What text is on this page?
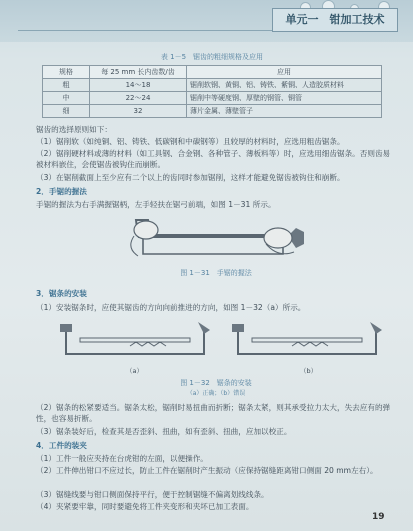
单元一　钳加工技术
表 1－5　锯齿的粗细规格及应用
规格	每 25 mm 长内齿数/齿	应用
粗	14～18	锯削软钢、黄铜、铝、铸铁、紫铜、人造胶质材料
中	22～24	锯削中等硬度钢、厚壁的钢管、铜管
细	32	薄片金属、薄壁管子
锯齿的选择原则如下：
（1）锯削软（如纯铜、铝、铸铁、低碳钢和中碳钢等）且较厚的材料时，应选用粗齿锯条。
（2）锯削硬材料或薄的材料（如工具钢、合金钢、各种管子、薄板料等）时，应选用细齿锯条。否则齿易被材料嵌住，会使锯齿被钩住而崩断。
（3）在锯削截面上至少应有二个以上的齿同时参加锯削，这样才能避免锯齿被钩住和崩断。
2．手锯的握法
手锯的握法为右手满握锯柄，左手轻扶在锯弓前端，如图 1－31 所示。
图 1－31　手锯的握法
3．锯条的安装
（1）安装锯条时，应使其锯齿的方向向前推进的方向，如图 1－32（a）所示。
（a）	（b）
图 1－32　锯条的安装
（a）正确；（b）错误
（2）锯条的松紧要适当。锯条太松，锯削时易扭曲而折断；锯条太紧，则其承受拉力太大，失去应有的弹性，也容易折断。
（3）锯条装好后，检查其是否歪斜、扭曲，如有歪斜、扭曲，应加以校正。
4．工件的装夹
（1）工件一般应夹持在台虎钳的左面，以便操作。
（2）工件伸出钳口不应过长，防止工件在锯削时产生振动（应保持锯缝距离钳口侧面 20 mm左右）。
（3）锯缝线要与钳口侧面保持平行，便于控制锯缝不偏离划线线条。
（4）夹紧要牢靠，同时要避免将工件夹变形和夹坏已加工表面。
19
